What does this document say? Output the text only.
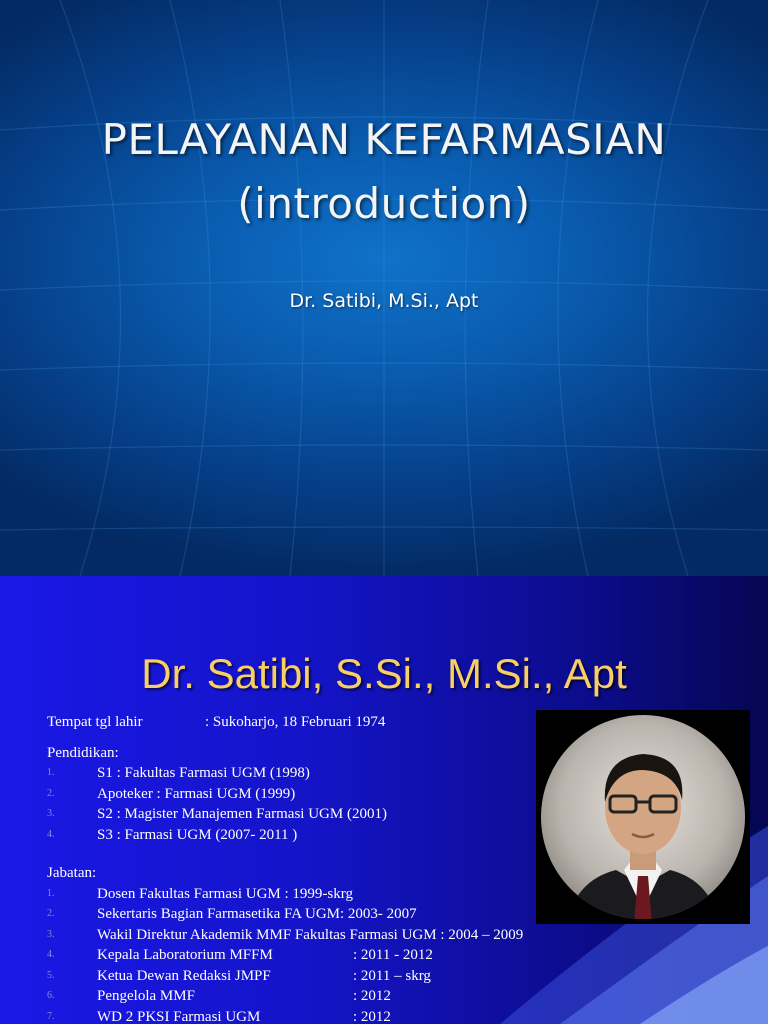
PELAYANAN KEFARMASIAN
(introduction)
Dr. Satibi, M.Si., Apt
Dr. Satibi, S.Si., M.Si., Apt
Tempat tgl lahir	: Sukoharjo, 18 Februari 1974
Pendidikan:
1.	S1 : Fakultas Farmasi UGM (1998)
2.	Apoteker : Farmasi UGM (1999)
3.	S2 : Magister Manajemen Farmasi UGM (2001)
4.	S3 : Farmasi UGM (2007- 2011 )
Jabatan:
1.	Dosen Fakultas Farmasi UGM : 1999-skrg
2.	Sekertaris Bagian Farmasetika FA UGM: 2003- 2007
3.	Wakil Direktur Akademik MMF Fakultas Farmasi UGM : 2004 – 2009
4.	Kepala Laboratorium MFFM	: 2011 - 2012
5.	Ketua Dewan Redaksi JMPF	: 2011 – skrg
6.	Pengelola MMF	: 2012
7.	WD 2 PKSI Farmasi UGM	: 2012
